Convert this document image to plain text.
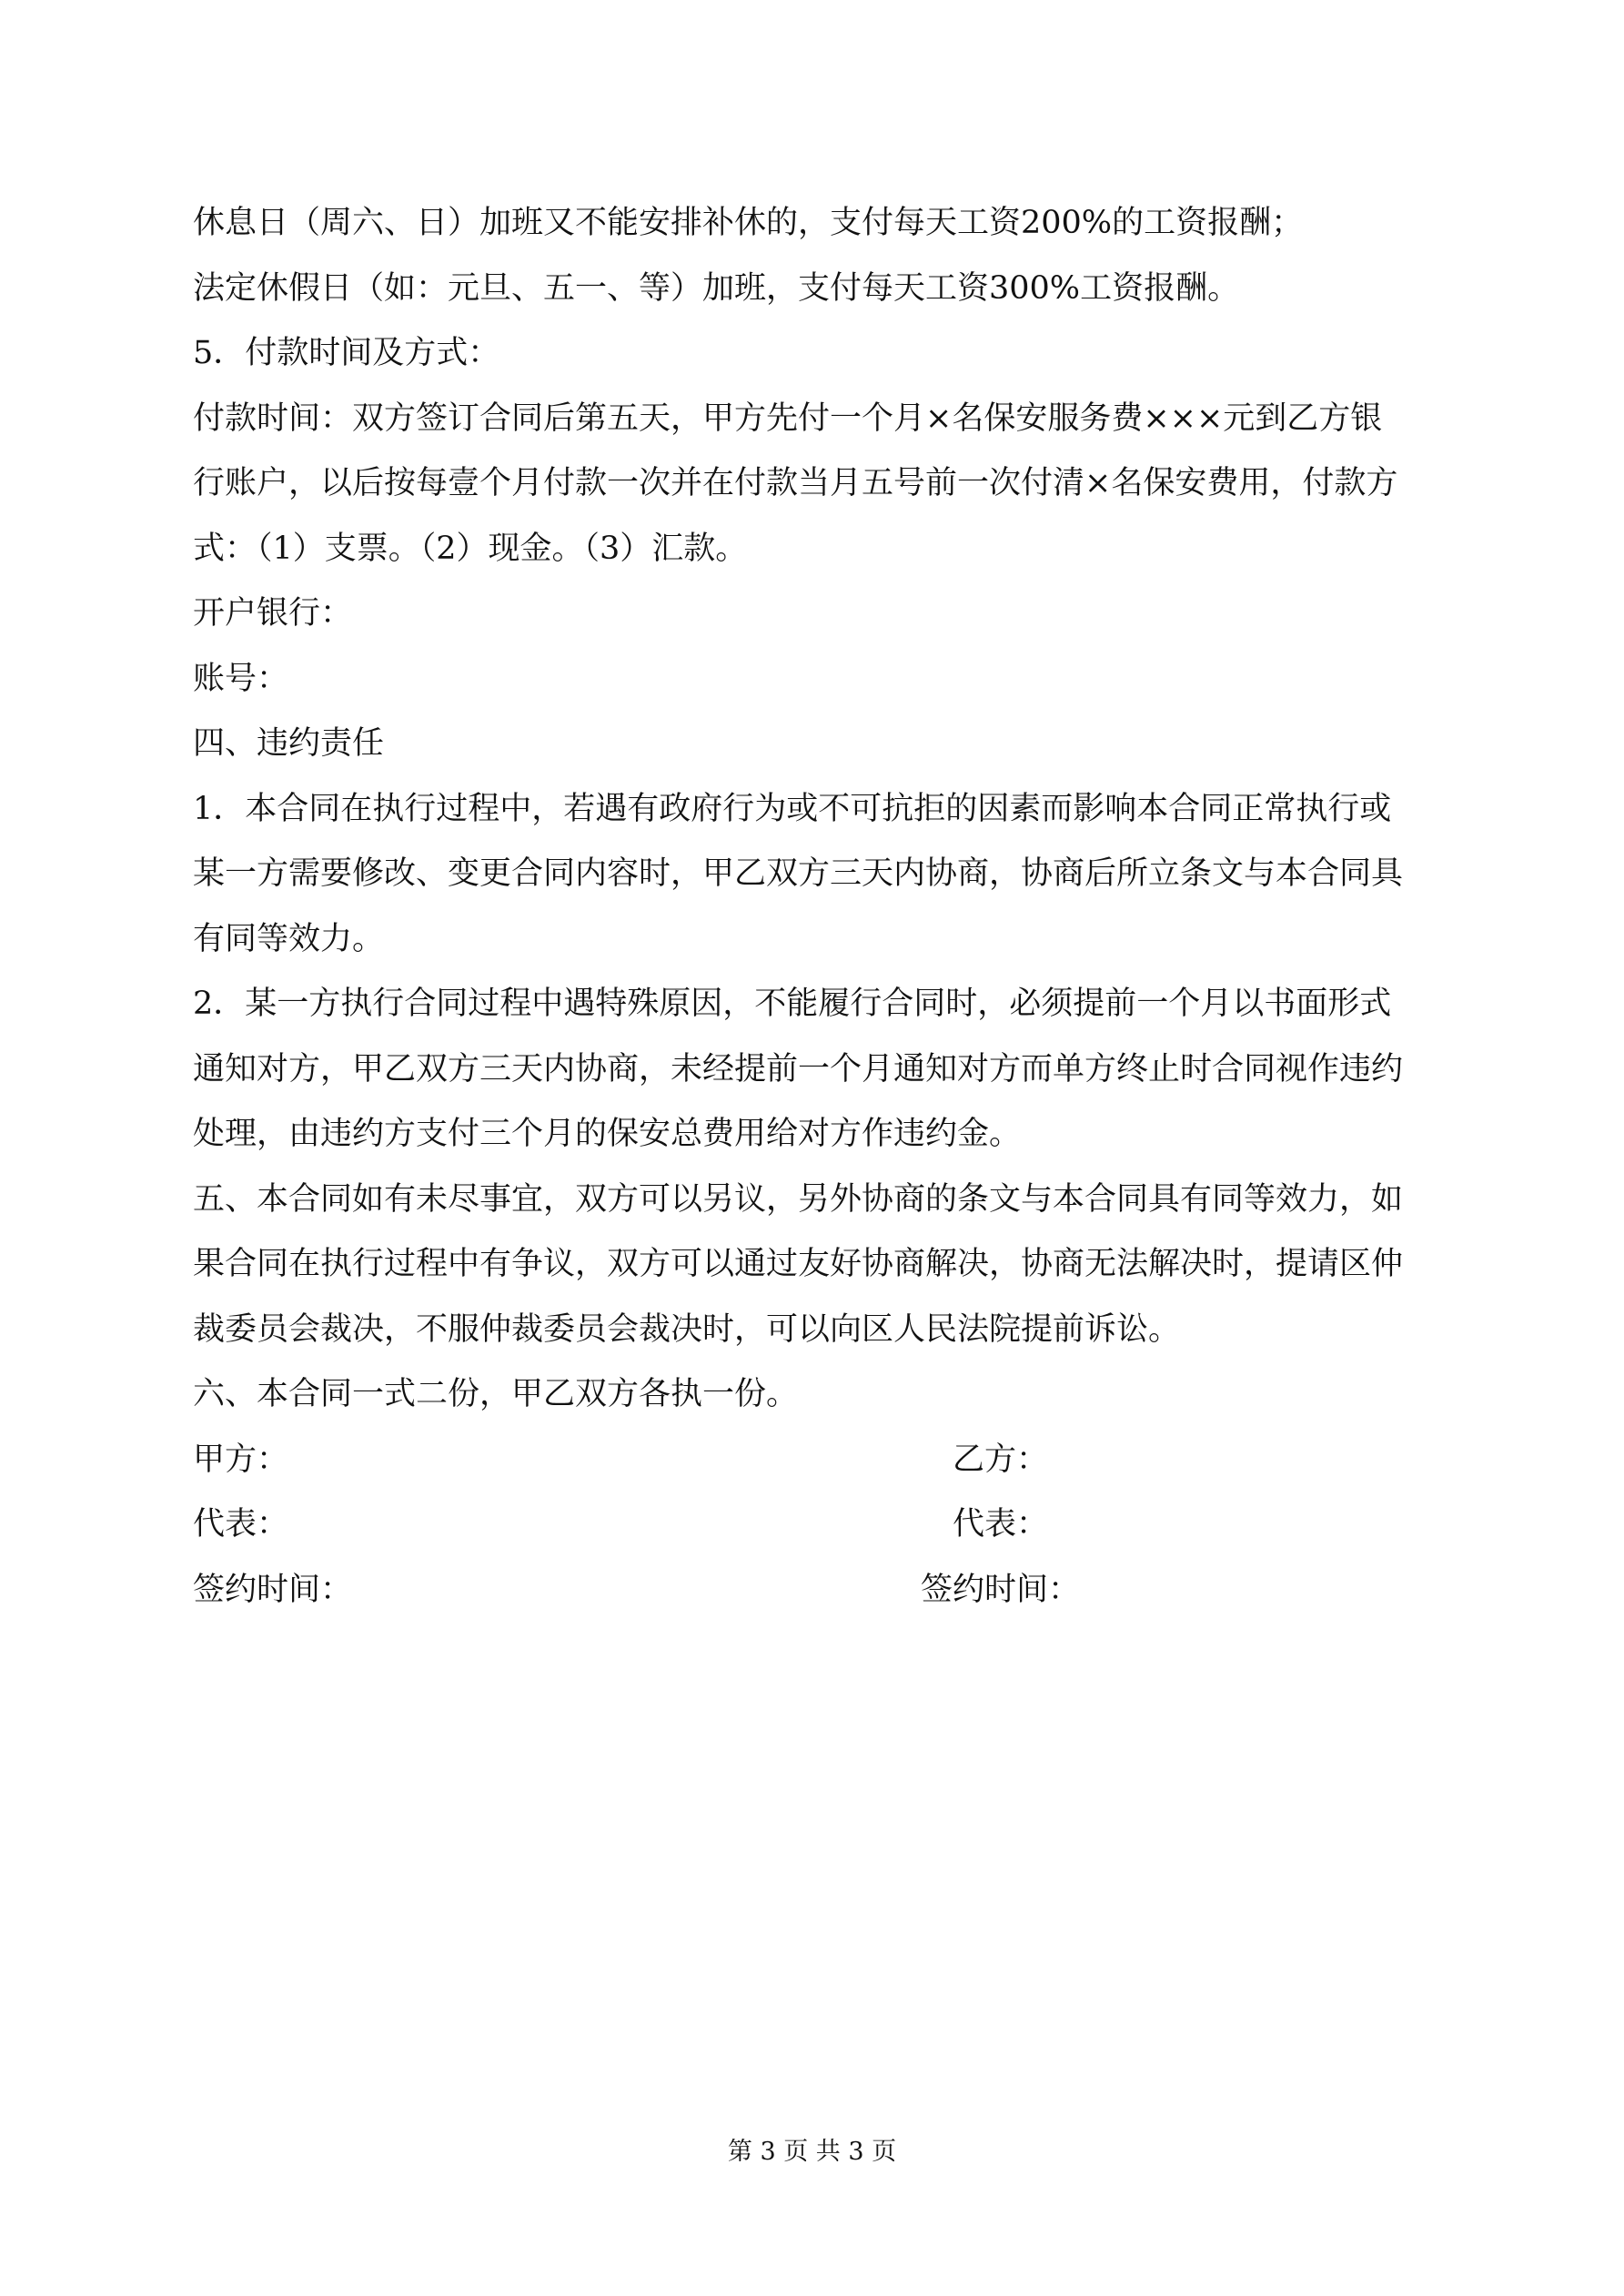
休息日（周六、日）加班又不能安排补休的，支付每天工资200%的工资报酬；
法定休假日（如：元旦、五一、等）加班，支付每天工资300%工资报酬。
5．付款时间及方式：
付款时间：双方签订合同后第五天，甲方先付一个月×名保安服务费×××元到乙方银
行账户，以后按每壹个月付款一次并在付款当月五号前一次付清×名保安费用，付款方
式：（1）支票。（2）现金。（3）汇款。
开户银行：
账号：
四、违约责任
1．本合同在执行过程中，若遇有政府行为或不可抗拒的因素而影响本合同正常执行或
某一方需要修改、变更合同内容时，甲乙双方三天内协商，协商后所立条文与本合同具
有同等效力。
2．某一方执行合同过程中遇特殊原因，不能履行合同时，必须提前一个月以书面形式
通知对方，甲乙双方三天内协商，未经提前一个月通知对方而单方终止时合同视作违约
处理，由违约方支付三个月的保安总费用给对方作违约金。
五、本合同如有未尽事宜，双方可以另议，另外协商的条文与本合同具有同等效力，如
果合同在执行过程中有争议，双方可以通过友好协商解决，协商无法解决时，提请区仲
裁委员会裁决，不服仲裁委员会裁决时，可以向区人民法院提前诉讼。
六、本合同一式二份，甲乙双方各执一份。
甲方：	乙方：
代表：	代表：
签约时间：	签约时间：
第 3 页 共 3 页
